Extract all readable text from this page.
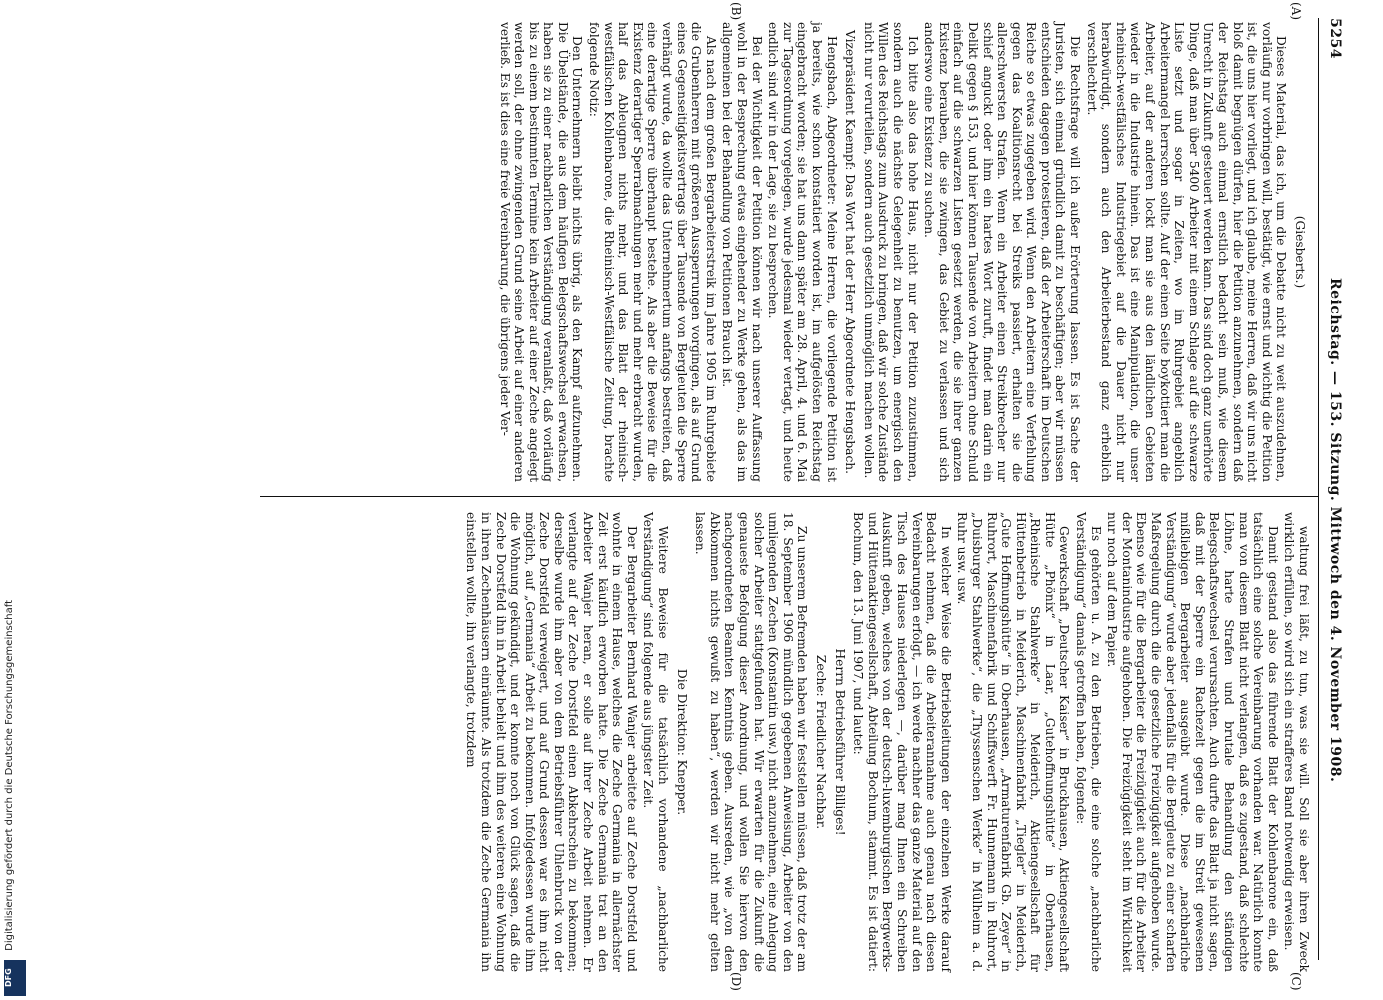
5254
Reichstag. — 153. Sitzung. Mittwoch den 4. November 1908.
(A)
(B)
(C)
(D)

(Giesberts.)

Dieses Material, das ich, um die Debatte nicht zu weit auszudehnen, vorläufig nur vorbringen will, bestätigt, wie ernst und wichtig die Petition ist, die uns hier vorliegt, und ich glaube, meine Herren, daß wir uns nicht bloß damit begnügen dürfen, hier die Petition anzunehmen, sondern daß der Reichstag auch einmal ernstlich bedacht sein muß, wie diesem Unrecht in Zukunft gesteuert werden kann. Das sind doch ganz unerhörte Dinge, daß man über 5400 Arbeiter mit einem Schlage auf die schwarze Liste setzt und sogar in Zeiten, wo im Ruhrgebiet angeblich Arbeitermangel herrschen sollte. Auf der einen Seite boykottiert man die Arbeiter, auf der anderen lockt man sie aus den ländlichen Gebieten wieder in die Industrie hinein. Das ist eine Manipulation, die unser rheinisch-westfälisches Industriegebiet auf die Dauer nicht nur herabwürdigt, sondern auch den Arbeiterbestand ganz erheblich verschlechtert.

Die Rechtsfrage will ich außer Erörterung lassen. Es ist Sache der Juristen, sich einmal gründlich damit zu beschäftigen; aber wir müssen entschieden dagegen protestieren, daß der Arbeiterschaft im Deutschen Reiche so etwas zugegeben wird. Wenn den Arbeitern eine Verfehlung gegen das Koalitionsrecht bei Streiks passiert, erhalten sie die allerschwersten Strafen. Wenn ein Arbeiter einen Streikbrecher nur schief anguckt oder ihm ein hartes Wort zuruft, findet man darin ein Delikt gegen § 153, und hier können Tausende von Arbeitern ohne Schuld einfach auf die schwarzen Listen gesetzt werden, die sie ihrer ganzen Existenz berauben, die sie zwingen, das Gebiet zu verlassen und sich anderswo eine Existenz zu suchen.

Ich bitte also das hohe Haus, nicht nur der Petition zuzustimmen, sondern auch die nächste Gelegenheit zu benutzen, um energisch den Willen des Reichstags zum Ausdruck zu bringen, daß wir solche Zustände nicht nur verurteilen, sondern auch gesetzlich unmöglich machen wollen.

Vizepräsident Kaempf: Das Wort hat der Herr Abgeordnete Hengsbach.

Hengsbach, Abgeordneter: Meine Herren, die vorliegende Petition ist ja bereits, wie schon konstatiert worden ist, im aufgelösten Reichstag eingebracht worden; sie hat uns dann später am 28. April, 4. und 6. Mai zur Tagesordnung vorgelegen, wurde jedesmal wieder vertagt, und heute endlich sind wir in der Lage, sie zu besprechen.

Bei der Wichtigkeit der Petition können wir nach unserer Auffassung wohl in der Besprechung etwas eingehender zu Werke gehen, als das im allgemeinen bei der Behandlung von Petitionen Brauch ist.

Als nach dem großen Bergarbeiterstreik im Jahre 1905 im Ruhrgebiete die Grubenherren mit größeren Aussperrungen vorgingen, als auf Grund eines Gegenseitigkeitsvertrags über Tausende von Bergleuten die Sperre verhängt wurde, da wollte das Unternehmertum anfangs bestreiten, daß eine derartige Sperre überhaupt bestehe. Als aber die Beweise für die Existenz derartiger Sperrabmachungen mehr und mehr erbracht wurden, half das Ableugnen nichts mehr, und das Blatt der rheinisch-westfälischen Kohlenbarone, die Rheinisch-Westfälische Zeitung, brachte folgende Notiz:

Den Unternehmern bleibt nichts übrig, als den Kampf aufzunehmen. Die Übelstände, die aus dem häufigen Belegschaftswechsel erwachsen, haben sie zu einer nachbarlichen Verständigung veranlaßt, daß vorläufig bis zu einem bestimmten Termine kein Arbeiter auf einer Zeche angelegt werden soll, der ohne zwingenden Grund seine Arbeit auf einer anderen verließ. Es ist dies eine freie Vereinbarung, die übrigens jeder Ver-

waltung frei läßt, zu tun, was sie will. Soll sie aber ihren Zweck wirklich erfüllen, so wird sich ein strafferes Band notwendig erweisen.

Damit gestand also das führende Blatt der Kohlenbarone ein, daß tatsächlich eine solche Vereinbarung vorhanden war. Natürlich konnte man von diesem Blatt nicht verlangen, daß es zugestand, daß schlechte Löhne, harte Strafen und brutale Behandlung den ständigen Belegschaftswechsel verursachten. Auch durfte das Blatt ja nicht sagen, daß mit der Sperre ein Rachezelt gegen die im Streit gewesenen mißliebigen Bergarbeiter ausgeübt wurde. Diese „nachbarliche Verständigung“ wurde aber jedenfalls für die Bergleute zu einer scharfen Maßregelung durch die die gesetzliche Freizügigkeit aufgehoben wurde. Ebenso wie für die Bergarbeiter die Freizügigkeit auch für die Arbeiter der Montanindustrie aufgehoben. Die Freizügigkeit steht im Wirklichkeit nur noch auf dem Papier.

Es gehörten u. A. zu den Betrieben, die eine solche „nachbarliche Verständigung“ damals getroffen haben, folgende:

Gewerkschaft „Deutscher Kaiser“ in Bruckhausen, Aktiengesellschaft Hütte „Phönix“ in Laar, „Gutehoffnungshütte“ in Oberhausen, „Rheinische Stahlwerke“ in Meiderich, Aktiengesellschaft für Hüttenbetrieb in Meiderich, Maschinenfabrik „Tiegler“ in Meiderich, „Gute Hoffnungshütte“ in Oberhausen, „Armaturenfabrik Gb. Zeyer“ in Ruhrort, Maschinenfabrik und Schiffswerft Fr. Hunnemann in Ruhrort, „Duisburger Stahlwerke“, die „Thyssenschen Werke“ in Mülheim a. d. Ruhr usw. usw.

In welcher Weise die Betriebsleitungen der einzelnen Werke darauf Bedacht nehmen, daß die Arbeiterannahme auch genau nach diesen Vereinbarungen erfolgt, — ich werde nachher das ganze Material auf den Tisch des Hauses niederlegen —, darüber mag Ihnen ein Schreiben Auskunft geben, welches von der deutsch-luxemburgischen Bergwerks- und Hüttenaktiengesellschaft, Abteilung Bochum, stammt. Es ist datiert: Bochum, den 13. Juni 1907, und lautet:

Herrn Betriebsführer Billiges!

Zeche: Friedlicher Nachbar.

Zu unserem Befremden haben wir feststellen müssen, daß trotz der am 18. September 1906 mündlich gegebenen Anweisung, Arbeiter von den umliegenden Zechen (Konstantin usw.) nicht anzunehmen, eine Anlegung solcher Arbeiter stattgefunden hat. Wir erwarten für die Zukunft die genaueste Befolgung dieser Anordnung, und wollen Sie hiervon den nachgeordneten Beamten Kenntnis geben. Ausreden, wie „von dem Abkommen nichts gewußt zu haben“, werden wir nicht mehr gelten lassen.

Die Direktion: Knepper.

Weitere Beweise für die tatsächlich vorhandene „nachbarliche Verständigung“ sind folgende aus jüngster Zeit.

Der Bergarbeiter Bernhard Wanjer arbeitete auf Zeche Dorstfeld und wohnte in einem Hause, welches die Zeche Germania in allernächster Zeit erst käuflich erworben hatte. Die Zeche Germania trat an den Arbeiter Wanjer heran, er solle auf ihrer Zeche Arbeit nehmen. Er verlangte auf der Zeche Dorstfeld einen Abkehrschein zu bekommen; derselbe wurde ihm aber von dem Betriebsführer Uhlenbruck von der Zeche Dorstfeld verweigert, und auf Grund dessen war es ihm nicht möglich, auf „Germania“ Arbeit zu bekommen. Infolgedessen wurde ihm die Wohnung gekündigt, und er konnte noch von Glück sagen, daß die Zeche Dorstfeld ihn in Arbeit behielt und ihm des weiteren eine Wohnung in ihren Zechenhäusern einräumte. Als trotzdem die Zeche Germania ihn einstellen wollte, ihn verlangte, trotzdem

Digitalisierung gefördert durch die Deutsche Forschungsgemeinschaft
DFG
